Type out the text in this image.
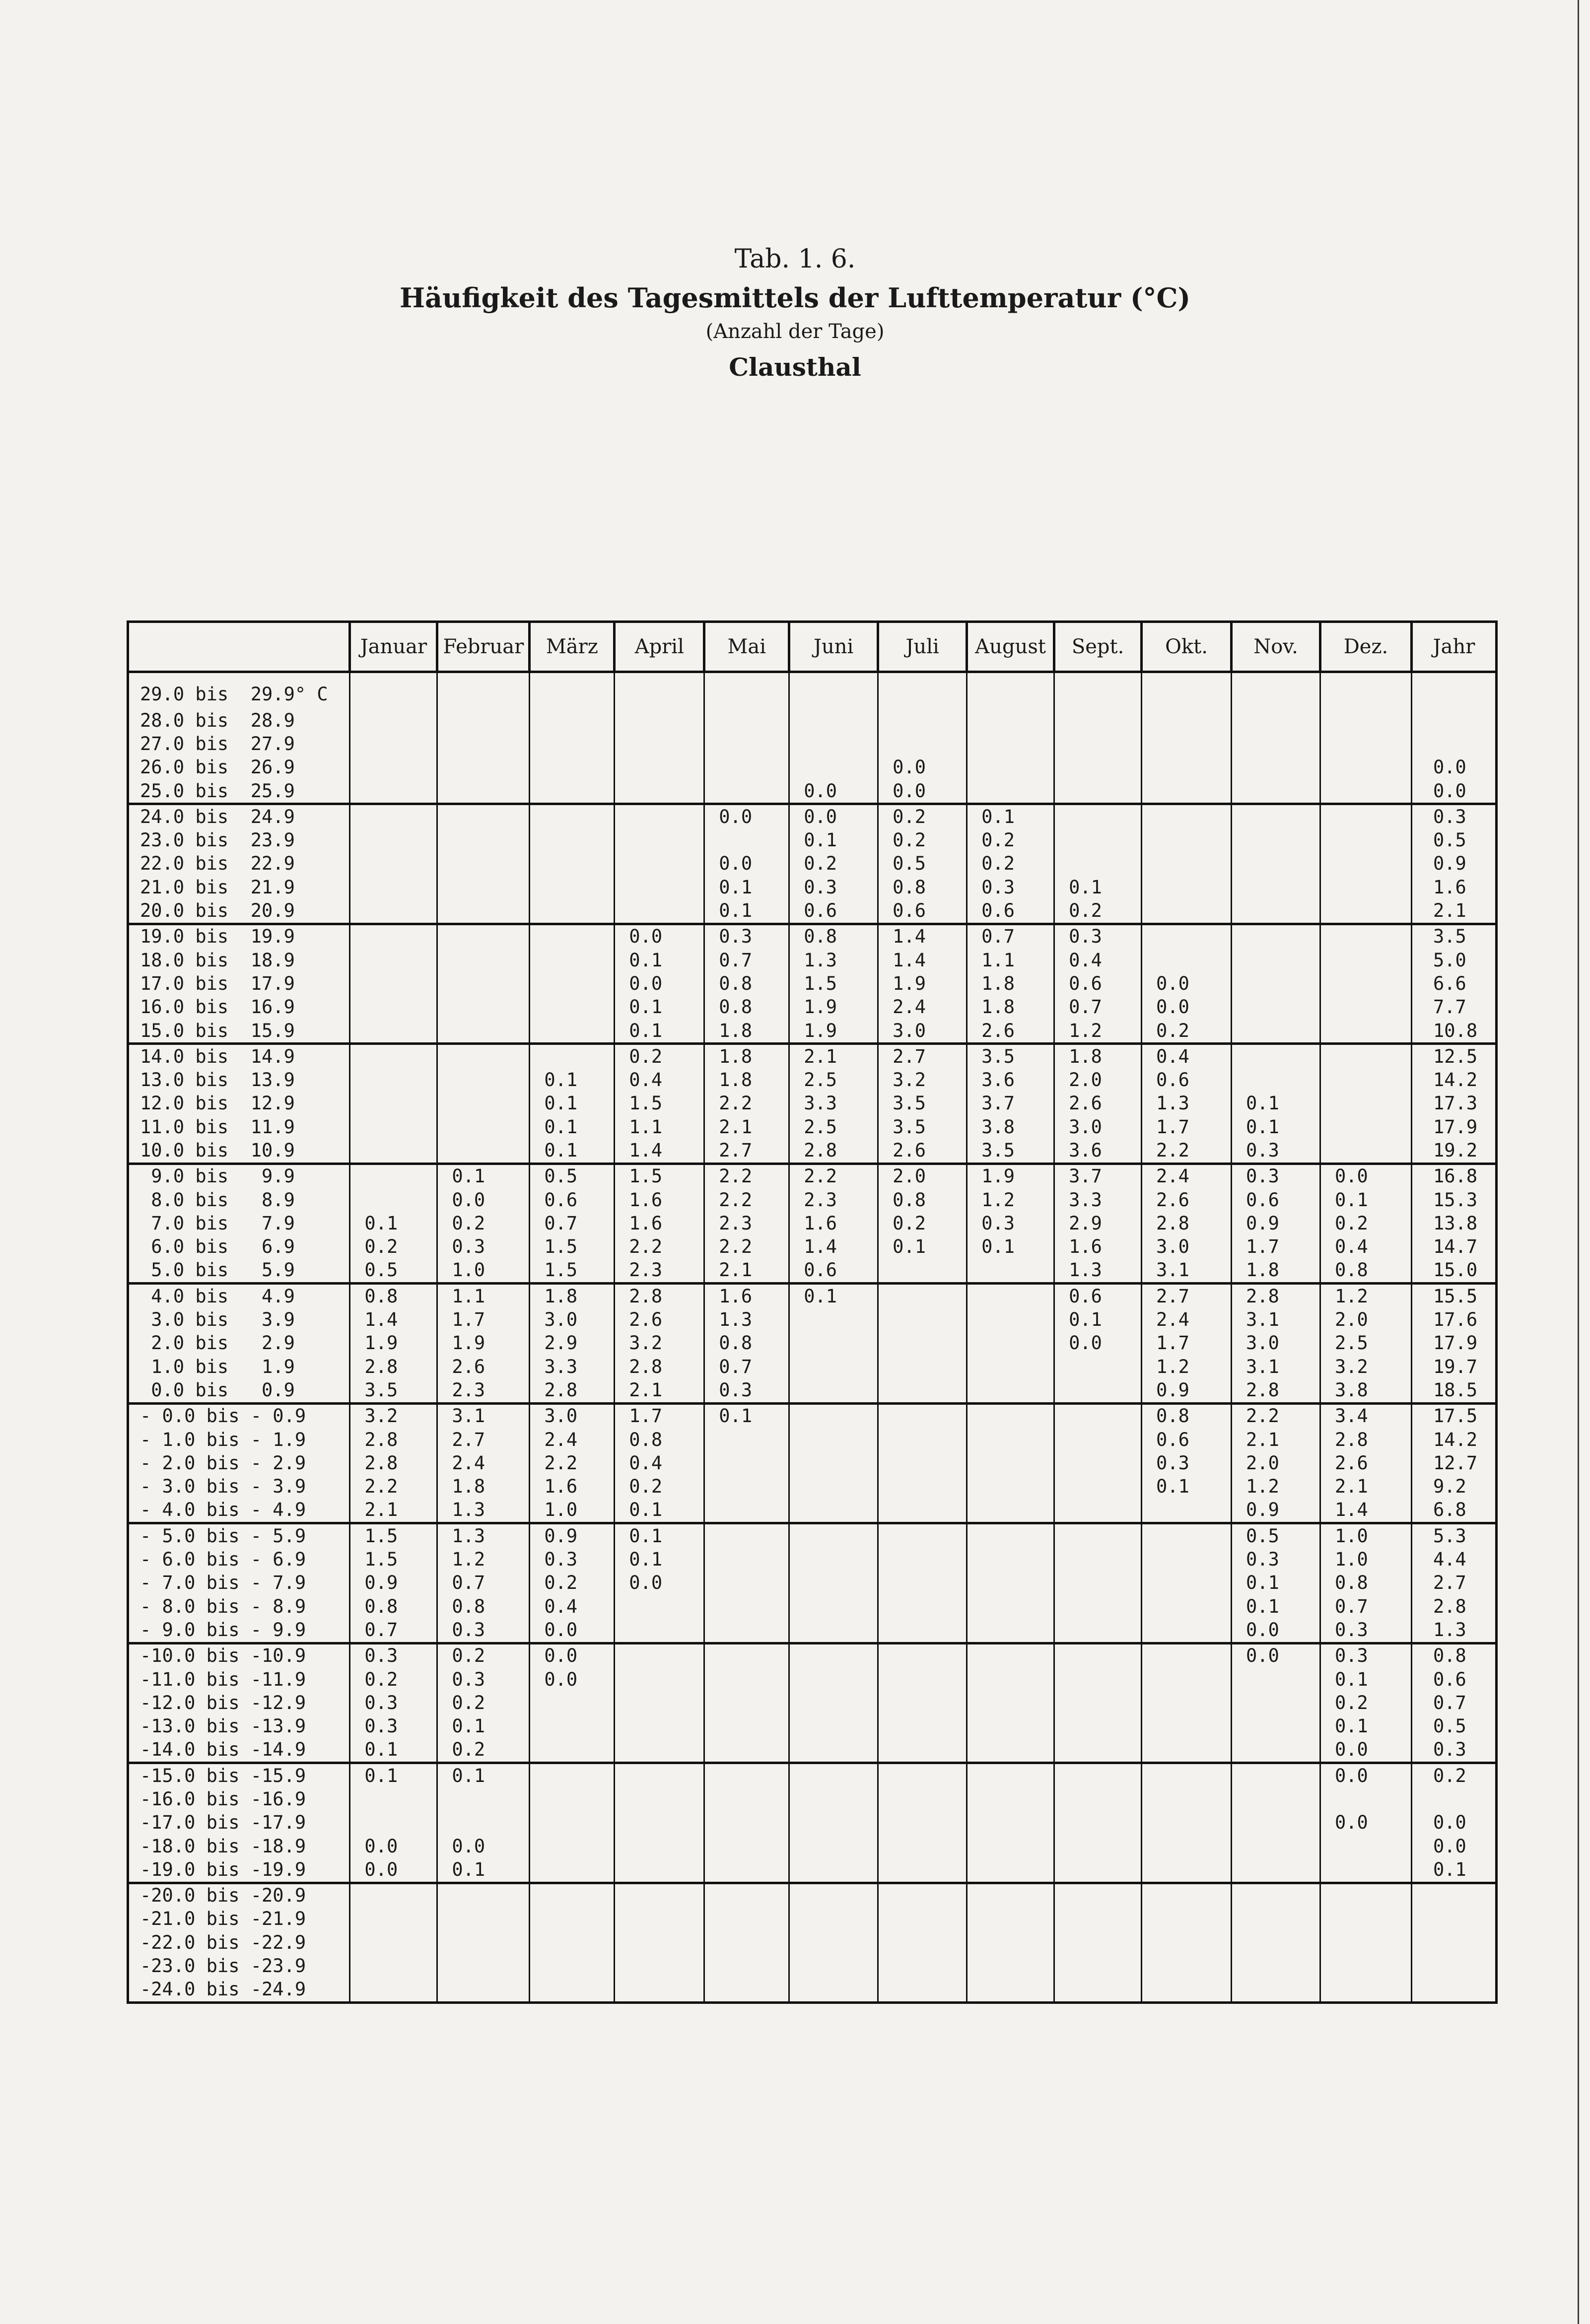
Tab. 1. 6.
Häufigkeit des Tagesmittels der Lufttemperatur (°C)
(Anzahl der Tage)
Clausthal
	Januar	Februar	März	April	Mai	Juni	Juli	August	Sept.	Okt.	Nov.	Dez.	Jahr
29.0 bis  29.9° C													
28.0 bis  28.9													
27.0 bis  27.9													
26.0 bis  26.9							0.0						0.0
25.0 bis  25.9						0.0	0.0						0.0
24.0 bis  24.9					0.0	0.0	0.2	0.1					0.3
23.0 bis  23.9						0.1	0.2	0.2					0.5
22.0 bis  22.9					0.0	0.2	0.5	0.2					0.9
21.0 bis  21.9					0.1	0.3	0.8	0.3	0.1				1.6
20.0 bis  20.9					0.1	0.6	0.6	0.6	0.2				2.1
19.0 bis  19.9				0.0	0.3	0.8	1.4	0.7	0.3				3.5
18.0 bis  18.9				0.1	0.7	1.3	1.4	1.1	0.4				5.0
17.0 bis  17.9				0.0	0.8	1.5	1.9	1.8	0.6	0.0			6.6
16.0 bis  16.9				0.1	0.8	1.9	2.4	1.8	0.7	0.0			7.7
15.0 bis  15.9				0.1	1.8	1.9	3.0	2.6	1.2	0.2			10.8
14.0 bis  14.9				0.2	1.8	2.1	2.7	3.5	1.8	0.4			12.5
13.0 bis  13.9			0.1	0.4	1.8	2.5	3.2	3.6	2.0	0.6			14.2
12.0 bis  12.9			0.1	1.5	2.2	3.3	3.5	3.7	2.6	1.3	0.1		17.3
11.0 bis  11.9			0.1	1.1	2.1	2.5	3.5	3.8	3.0	1.7	0.1		17.9
10.0 bis  10.9			0.1	1.4	2.7	2.8	2.6	3.5	3.6	2.2	0.3		19.2
9.0 bis   9.9		0.1	0.5	1.5	2.2	2.2	2.0	1.9	3.7	2.4	0.3	0.0	16.8
8.0 bis   8.9		0.0	0.6	1.6	2.2	2.3	0.8	1.2	3.3	2.6	0.6	0.1	15.3
7.0 bis   7.9	0.1	0.2	0.7	1.6	2.3	1.6	0.2	0.3	2.9	2.8	0.9	0.2	13.8
6.0 bis   6.9	0.2	0.3	1.5	2.2	2.2	1.4	0.1	0.1	1.6	3.0	1.7	0.4	14.7
5.0 bis   5.9	0.5	1.0	1.5	2.3	2.1	0.6			1.3	3.1	1.8	0.8	15.0
4.0 bis   4.9	0.8	1.1	1.8	2.8	1.6	0.1			0.6	2.7	2.8	1.2	15.5
3.0 bis   3.9	1.4	1.7	3.0	2.6	1.3				0.1	2.4	3.1	2.0	17.6
2.0 bis   2.9	1.9	1.9	2.9	3.2	0.8				0.0	1.7	3.0	2.5	17.9
1.0 bis   1.9	2.8	2.6	3.3	2.8	0.7					1.2	3.1	3.2	19.7
0.0 bis   0.9	3.5	2.3	2.8	2.1	0.3					0.9	2.8	3.8	18.5
- 0.0 bis - 0.9	3.2	3.1	3.0	1.7	0.1					0.8	2.2	3.4	17.5
- 1.0 bis - 1.9	2.8	2.7	2.4	0.8						0.6	2.1	2.8	14.2
- 2.0 bis - 2.9	2.8	2.4	2.2	0.4						0.3	2.0	2.6	12.7
- 3.0 bis - 3.9	2.2	1.8	1.6	0.2						0.1	1.2	2.1	9.2
- 4.0 bis - 4.9	2.1	1.3	1.0	0.1							0.9	1.4	6.8
- 5.0 bis - 5.9	1.5	1.3	0.9	0.1							0.5	1.0	5.3
- 6.0 bis - 6.9	1.5	1.2	0.3	0.1							0.3	1.0	4.4
- 7.0 bis - 7.9	0.9	0.7	0.2	0.0							0.1	0.8	2.7
- 8.0 bis - 8.9	0.8	0.8	0.4								0.1	0.7	2.8
- 9.0 bis - 9.9	0.7	0.3	0.0								0.0	0.3	1.3
-10.0 bis -10.9	0.3	0.2	0.0								0.0	0.3	0.8
-11.0 bis -11.9	0.2	0.3	0.0									0.1	0.6
-12.0 bis -12.9	0.3	0.2										0.2	0.7
-13.0 bis -13.9	0.3	0.1										0.1	0.5
-14.0 bis -14.9	0.1	0.2										0.0	0.3
-15.0 bis -15.9	0.1	0.1										0.0	0.2
-16.0 bis -16.9													
-17.0 bis -17.9												0.0	0.0
-18.0 bis -18.9	0.0	0.0											0.0
-19.0 bis -19.9	0.0	0.1											0.1
-20.0 bis -20.9													
-21.0 bis -21.9													
-22.0 bis -22.9													
-23.0 bis -23.9													
-24.0 bis -24.9													
